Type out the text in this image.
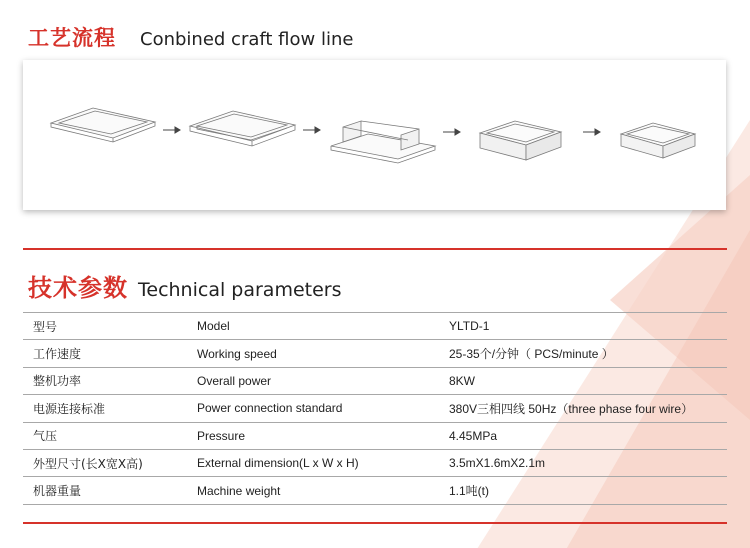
工艺流程 Conbined craft flow line
技术参数 Technical parameters
型号	Model	YLTD-1
工作速度	Working speed	25-35个/分钟（ PCS/minute ）
整机功率	Overall power	8KW
电源连接标准	Power connection standard	380V三相四线 50Hz（three phase four wire）
气压	Pressure	4.45MPa
外型尺寸(长X宽X高)	External dimension(L x W x H)	3.5mX1.6mX2.1m
机器重量	Machine weight	1.1吨(t)
